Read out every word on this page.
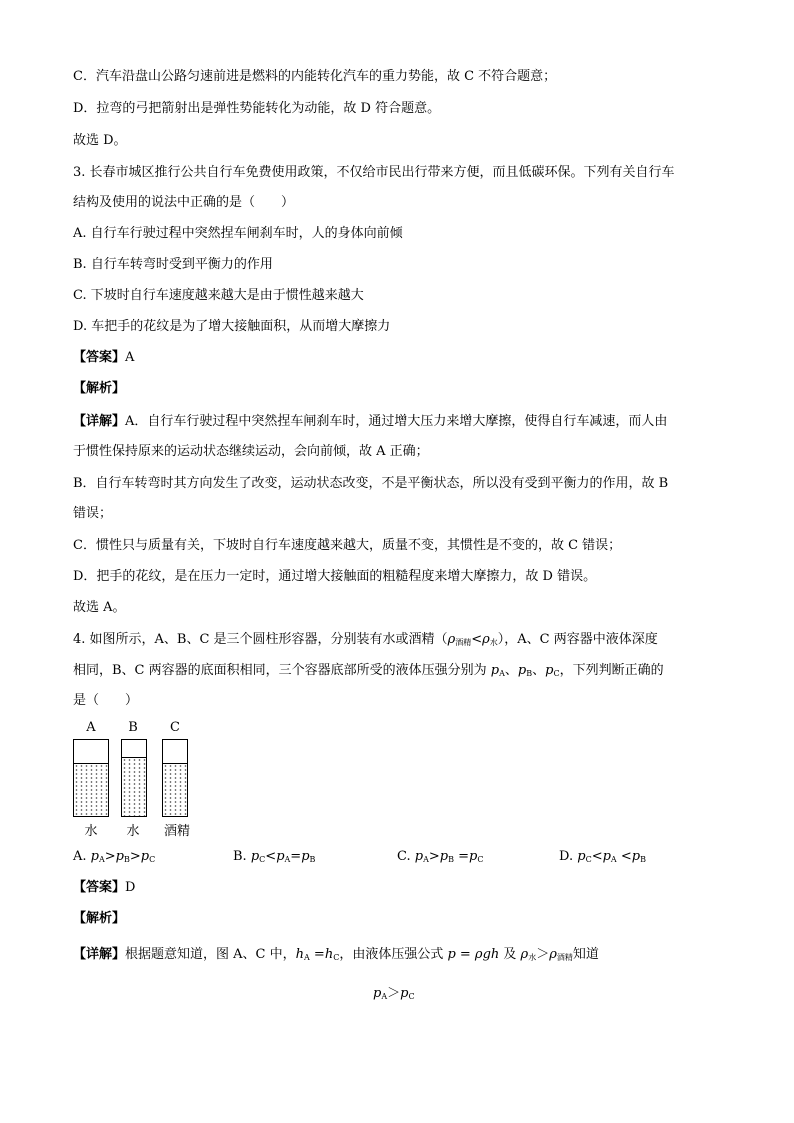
C．汽车沿盘山公路匀速前进是燃料的内能转化汽车的重力势能，故 C 不符合题意；
D．拉弯的弓把箭射出是弹性势能转化为动能，故 D 符合题意。
故选 D。
3. 长春市城区推行公共自行车免费使用政策，不仅给市民出行带来方便，而且低碳环保。下列有关自行车
结构及使用的说法中正确的是（　　）
A. 自行车行驶过程中突然捏车闸刹车时，人的身体向前倾
B. 自行车转弯时受到平衡力的作用
C. 下坡时自行车速度越来越大是由于惯性越来越大
D. 车把手的花纹是为了增大接触面积，从而增大摩擦力
【答案】A
【解析】
【详解】A．自行车行驶过程中突然捏车闸刹车时，通过增大压力来增大摩擦，使得自行车减速，而人由
于惯性保持原来的运动状态继续运动，会向前倾，故 A 正确；
B．自行车转弯时其方向发生了改变，运动状态改变，不是平衡状态，所以没有受到平衡力的作用，故 B
错误；
C．惯性只与质量有关，下坡时自行车速度越来越大，质量不变，其惯性是不变的，故 C 错误；
D．把手的花纹，是在压力一定时，通过增大接触面的粗糙程度来增大摩擦力，故 D 错误。
故选 A。
4. 如图所示，A、B、C 是三个圆柱形容器，分别装有水或酒精$(\rho_{酒精}<\rho_水)$，A、C 两容器中液体深度
相同，B、C 两容器的底面积相同，三个容器底部所受的液体压强分别为 $p_A$、$p_B$、$p_C$，下列判断正确的
是（　　）
A	B	C
水	水	酒精
A. $p_A>p_B>p_C$	B. $p_C<p_A=p_B$	C. $p_A>p_B =p_C$	D. $p_C<p_A <p_B$
【答案】D
【解析】
【详解】根据题意知道，图 A、C 中，$h_A =h_C$，由液体压强公式 p = ρgh 及 $\rho_水>\rho_{酒精}$知道
$p_A>p_C$
